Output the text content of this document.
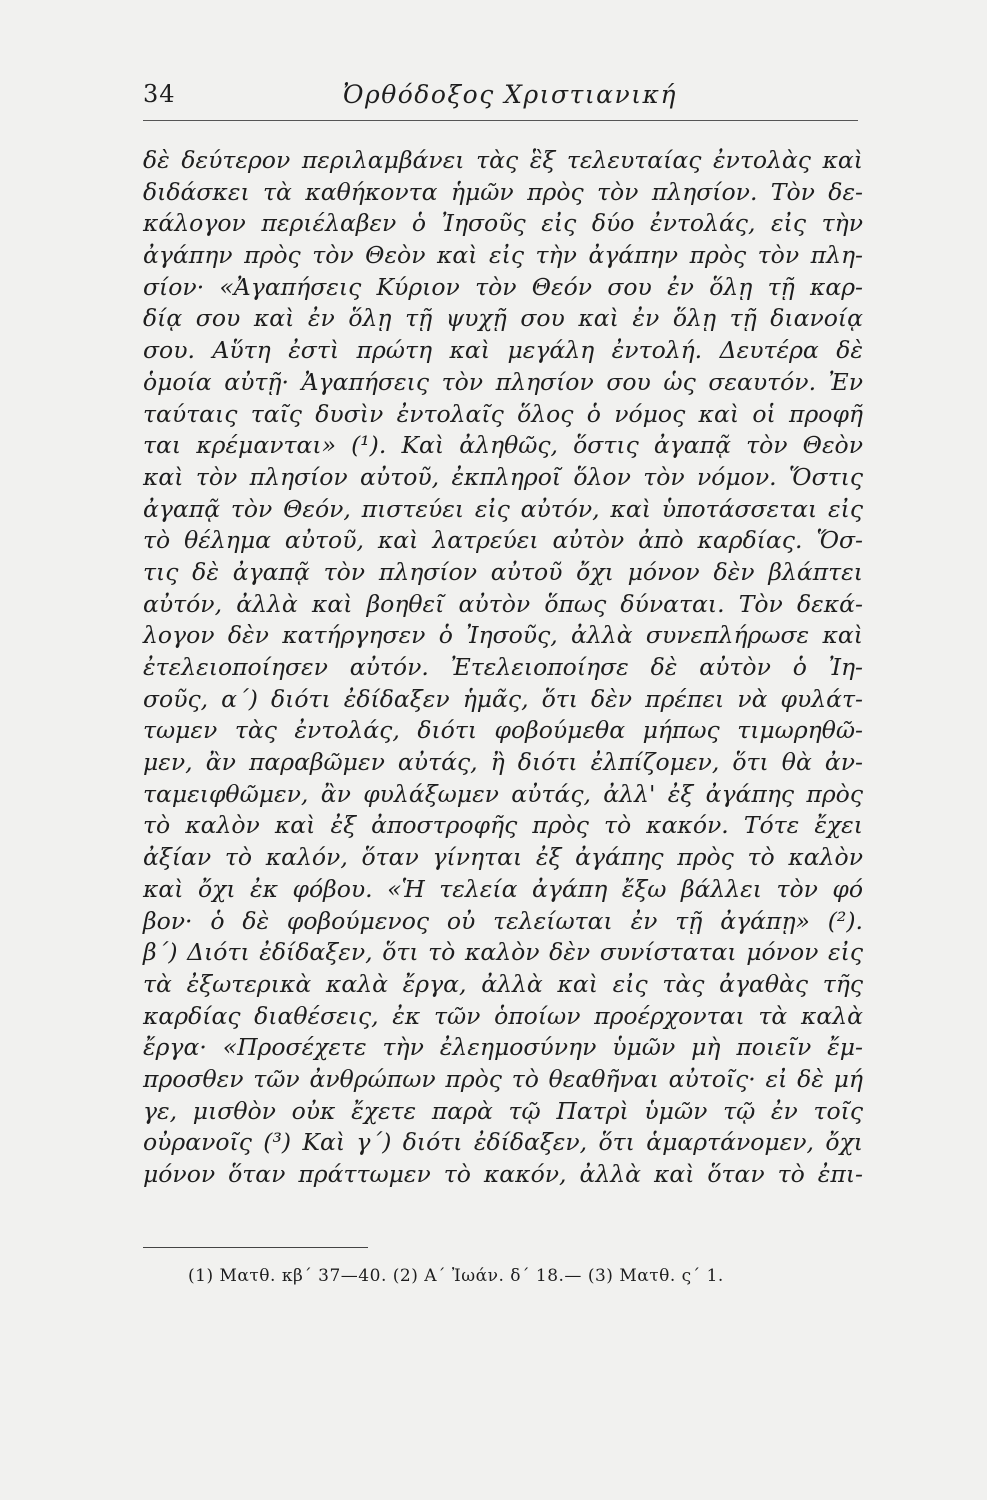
34	Ὀρθόδοξος Χριστιανική
δὲ δεύτερον περιλαμβάνει τὰς ἓξ τελευταίας ἐντολὰς καὶ
διδάσκει τὰ καθήκοντα ἡμῶν πρὸς τὸν πλησίον. Τὸν δε-
κάλογον περιέλαβεν ὁ Ἰησοῦς εἰς δύο ἐντολάς, εἰς τὴν
ἀγάπην πρὸς τὸν Θεὸν καὶ εἰς τὴν ἀγάπην πρὸς τὸν πλη-
σίον· «Ἀγαπήσεις Κύριον τὸν Θεόν σου ἐν ὅλῃ τῇ καρ-
δίᾳ σου καὶ ἐν ὅλῃ τῇ ψυχῇ σου καὶ ἐν ὅλῃ τῇ διανοίᾳ
σου. Αὕτη ἐστὶ πρώτη καὶ μεγάλη ἐντολή. Δευτέρα δὲ
ὁμοία αὐτῇ· Ἀγαπήσεις τὸν πλησίον σου ὡς σεαυτόν. Ἐν
ταύταις ταῖς δυσὶν ἐντολαῖς ὅλος ὁ νόμος καὶ οἱ προφῆ
ται κρέμανται» (¹). Καὶ ἀληθῶς, ὅστις ἀγαπᾷ τὸν Θεὸν
καὶ τὸν πλησίον αὐτοῦ, ἐκπληροῖ ὅλον τὸν νόμον. Ὅστις
ἀγαπᾷ τὸν Θεόν, πιστεύει εἰς αὐτόν, καὶ ὑποτάσσεται εἰς
τὸ θέλημα αὐτοῦ, καὶ λατρεύει αὐτὸν ἀπὸ καρδίας. Ὅσ-
τις δὲ ἀγαπᾷ τὸν πλησίον αὐτοῦ ὄχι μόνον δὲν βλάπτει
αὐτόν, ἀλλὰ καὶ βοηθεῖ αὐτὸν ὅπως δύναται. Τὸν δεκά-
λογον δὲν κατήργησεν ὁ Ἰησοῦς, ἀλλὰ συνεπλήρωσε καὶ
ἐτελειοποίησεν αὐτόν. Ἐτελειοποίησε δὲ αὐτὸν ὁ Ἰη-
σοῦς, α΄) διότι ἐδίδαξεν ἡμᾶς, ὅτι δὲν πρέπει νὰ φυλάτ-
τωμεν τὰς ἐντολάς, διότι φοβούμεθα μήπως τιμωρηθῶ-
μεν, ἂν παραβῶμεν αὐτάς, ἢ διότι ἐλπίζομεν, ὅτι θὰ ἀν-
ταμειφθῶμεν, ἂν φυλάξωμεν αὐτάς, ἀλλ' ἐξ ἀγάπης πρὸς
τὸ καλὸν καὶ ἐξ ἀποστροφῆς πρὸς τὸ κακόν. Τότε ἔχει
ἀξίαν τὸ καλόν, ὅταν γίνηται ἐξ ἀγάπης πρὸς τὸ καλὸν
καὶ ὄχι ἐκ φόβου. «Ἡ τελεία ἀγάπη ἔξω βάλλει τὸν φό
βον· ὁ δὲ φοβούμενος οὐ τελείωται ἐν τῇ ἀγάπῃ» (²).
β΄) Διότι ἐδίδαξεν, ὅτι τὸ καλὸν δὲν συνίσταται μόνον εἰς
τὰ ἐξωτερικὰ καλὰ ἔργα, ἀλλὰ καὶ εἰς τὰς ἀγαθὰς τῆς
καρδίας διαθέσεις, ἐκ τῶν ὁποίων προέρχονται τὰ καλὰ
ἔργα· «Προσέχετε τὴν ἐλεημοσύνην ὑμῶν μὴ ποιεῖν ἔμ-
προσθεν τῶν ἀνθρώπων πρὸς τὸ θεαθῆναι αὐτοῖς· εἰ δὲ μή
γε, μισθὸν οὐκ ἔχετε παρὰ τῷ Πατρὶ ὑμῶν τῷ ἐν τοῖς
οὐρανοῖς (³) Καὶ γ΄) διότι ἐδίδαξεν, ὅτι ἁμαρτάνομεν, ὄχι
μόνον ὅταν πράττωμεν τὸ κακόν, ἀλλὰ καὶ ὅταν τὸ ἐπι-
(1) Ματθ. κβ΄ 37—40. (2) Α΄ Ἰωάν. δ΄ 18.— (3) Ματθ. ς΄ 1.
